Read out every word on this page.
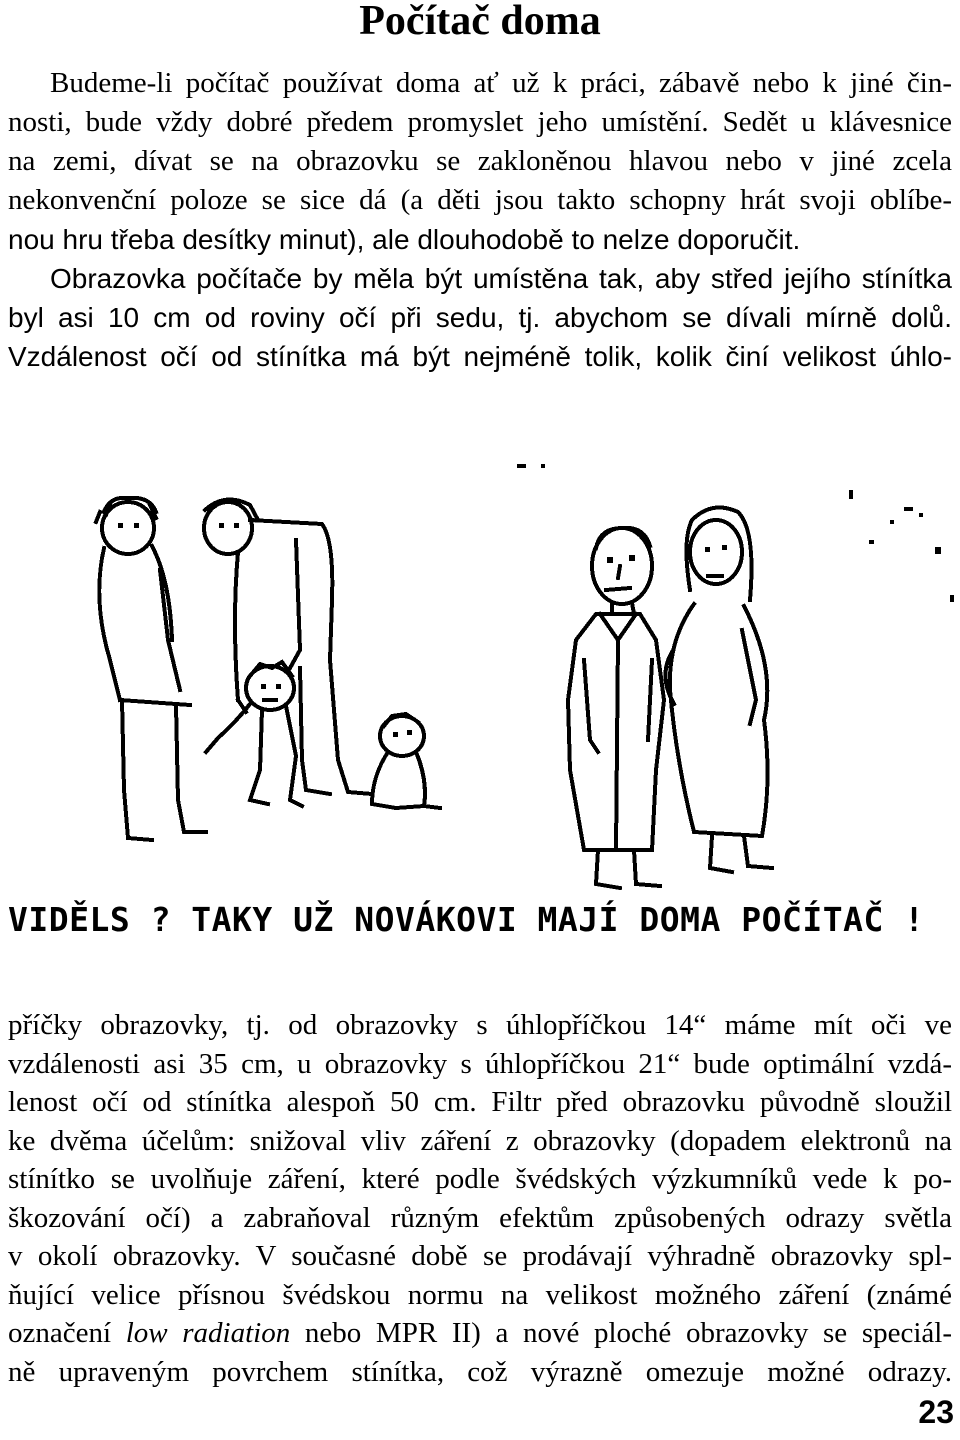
Počítač doma
Budeme-li počítač používat doma ať už k práci, zábavě nebo k jiné čin-
nosti, bude vždy dobré předem promyslet jeho umístění. Sedět u klávesnice
na zemi, dívat se na obrazovku se zakloněnou hlavou nebo v jiné zcela
nekonvenční poloze se sice dá (a děti jsou takto schopny hrát svoji oblíbe-
nou hru třeba desítky minut), ale dlouhodobě to nelze doporučit.
Obrazovka počítače by měla být umístěna tak, aby střed jejího stínítka
byl asi 10 cm od roviny očí při sedu, tj. abychom se dívali mírně dolů.
Vzdálenost očí od stínítka má být nejméně tolik, kolik činí velikost úhlo-
VIDĚLS ? TAKY UŽ NOVÁKOVI MAJÍ DOMA POČÍTAČ !
příčky obrazovky, tj. od obrazovky s úhlopříčkou 14“ máme mít oči ve
vzdálenosti asi 35 cm, u obrazovky s úhlopříčkou 21“ bude optimální vzdá-
lenost očí od stínítka alespoň 50 cm. Filtr před obrazovku původně sloužil
ke dvěma účelům: snižoval vliv záření z obrazovky (dopadem elektronů na
stínítko se uvolňuje záření, které podle švédských výzkumníků vede k po-
škozování očí) a zabraňoval různým efektům způsobených odrazy světla
v okolí obrazovky. V současné době se prodávají výhradně obrazovky spl-
ňující velice přísnou švédskou normu na velikost možného záření (známé
označení low radiation nebo MPR II) a nové ploché obrazovky se speciál-
ně upraveným povrchem stínítka, což výrazně omezuje možné odrazy.
23
